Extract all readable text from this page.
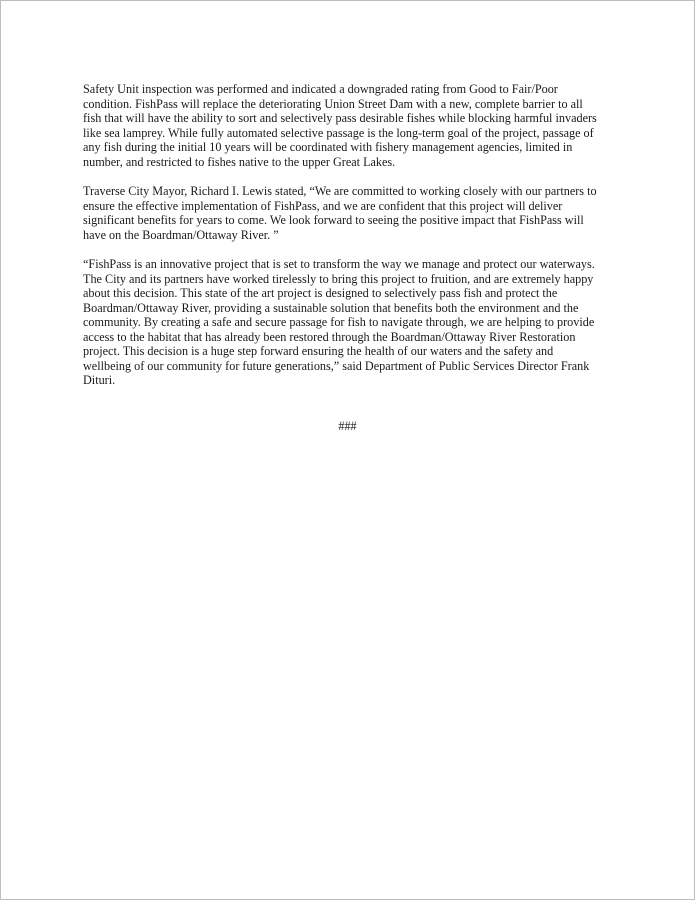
Safety Unit inspection was performed and indicated a downgraded rating from Good to Fair/Poor
condition. FishPass will replace the deteriorating Union Street Dam with a new, complete barrier to all
fish that will have the ability to sort and selectively pass desirable fishes while blocking harmful invaders
like sea lamprey. While fully automated selective passage is the long-term goal of the project, passage of
any fish during the initial 10 years will be coordinated with fishery management agencies, limited in
number, and restricted to fishes native to the upper Great Lakes.

Traverse City Mayor, Richard I. Lewis stated, “We are committed to working closely with our partners to
ensure the effective implementation of FishPass, and we are confident that this project will deliver
significant benefits for years to come. We look forward to seeing the positive impact that FishPass will
have on the Boardman/Ottaway River. ”

“FishPass is an innovative project that is set to transform the way we manage and protect our waterways.
The City and its partners have worked tirelessly to bring this project to fruition, and are extremely happy
about this decision. This state of the art project is designed to selectively pass fish and protect the
Boardman/Ottaway River, providing a sustainable solution that benefits both the environment and the
community. By creating a safe and secure passage for fish to navigate through, we are helping to provide
access to the habitat that has already been restored through the Boardman/Ottaway River Restoration
project. This decision is a huge step forward ensuring the health of our waters and the safety and
wellbeing of our community for future generations,” said Department of Public Services Director Frank
Dituri.

###
